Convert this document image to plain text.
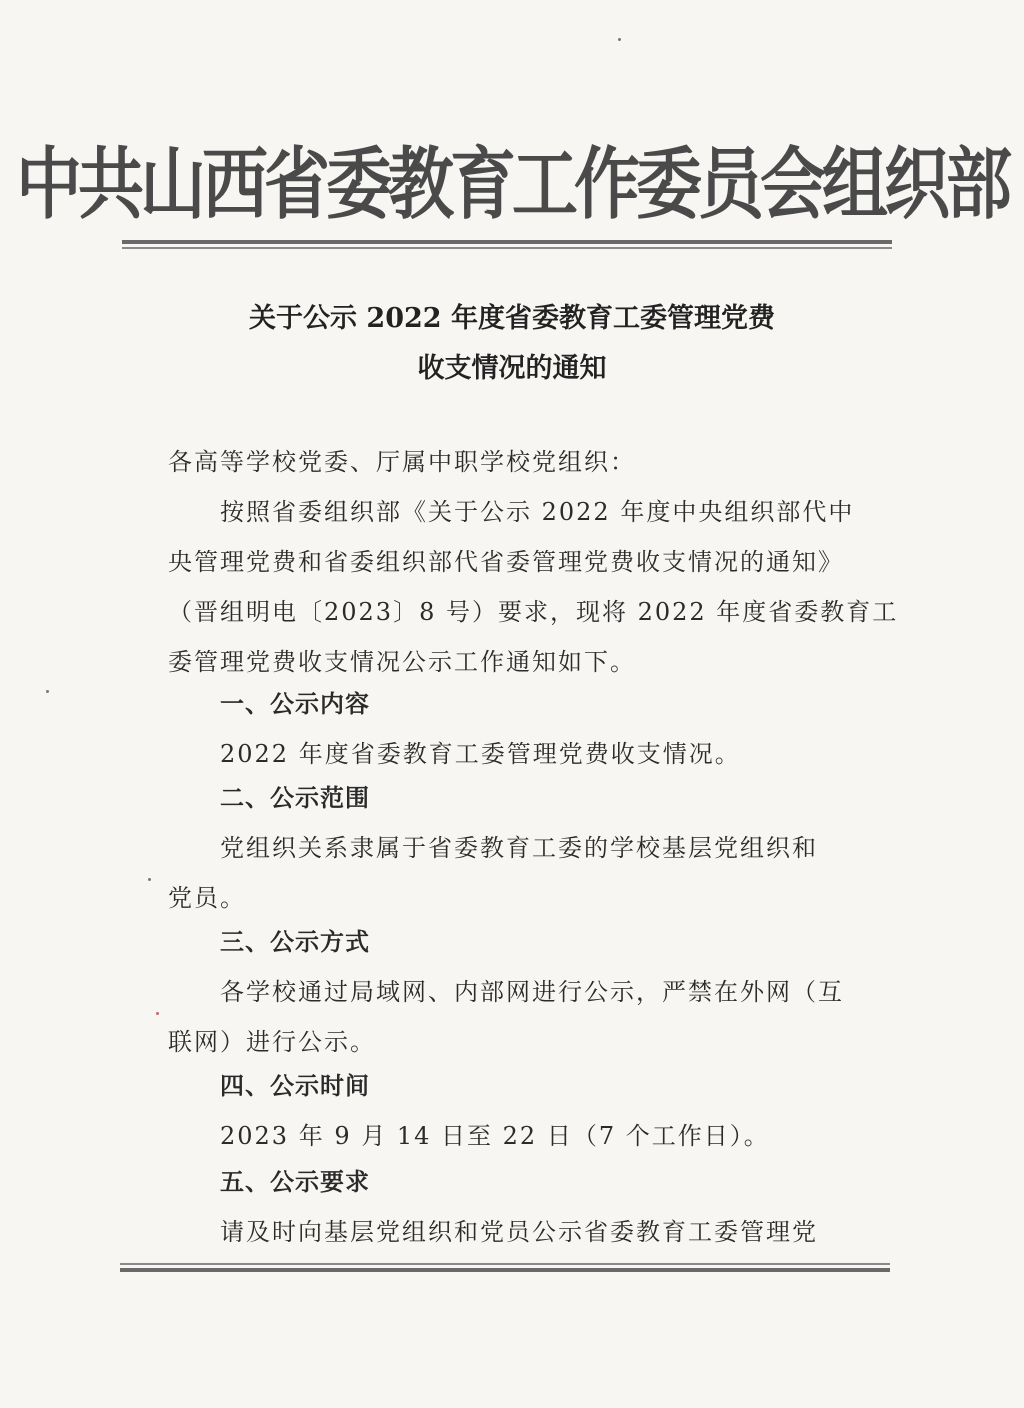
中共山西省委教育工作委员会组织部
关于公示 2022 年度省委教育工委管理党费
收支情况的通知
各高等学校党委、厅属中职学校党组织：
按照省委组织部《关于公示 2022 年度中央组织部代中
央管理党费和省委组织部代省委管理党费收支情况的通知》
（晋组明电〔2023〕8 号）要求，现将 2022 年度省委教育工
委管理党费收支情况公示工作通知如下。
一、公示内容
2022 年度省委教育工委管理党费收支情况。
二、公示范围
党组织关系隶属于省委教育工委的学校基层党组织和
党员。
三、公示方式
各学校通过局域网、内部网进行公示，严禁在外网（互
联网）进行公示。
四、公示时间
2023 年 9 月 14 日至 22 日（7 个工作日）。
五、公示要求
请及时向基层党组织和党员公示省委教育工委管理党
